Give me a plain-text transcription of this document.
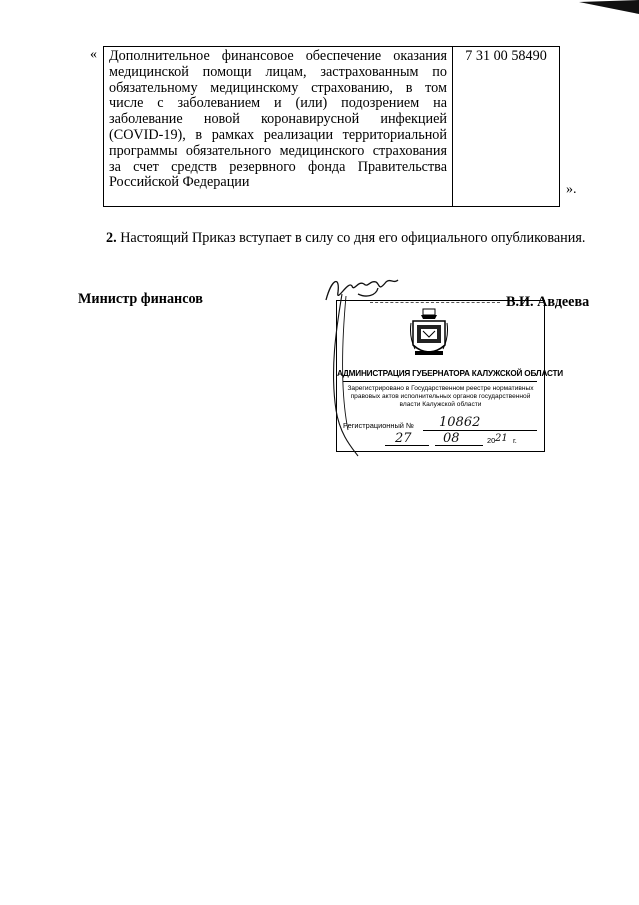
« Дополнительное финансовое обеспечение оказания медицинской помощи лицам, застрахованным по обязательному медицинскому страхованию, в том числе с заболеванием и (или) подозрением на заболевание новой коронавирусной инфекцией (COVID-19), в рамках реализации территориальной программы обязательного медицинского страхования за счет средств резервного фонда Правительства Российской Федерации	7 31 00 58490
».
2. Настоящий Приказ вступает в силу со дня его официального опубликования.
Министр финансов	В.И. Авдеева
АДМИНИСТРАЦИЯ ГУБЕРНАТОРА КАЛУЖСКОЙ ОБЛАСТИ
Зарегистрировано в Государственном реестре нормативных правовых актов исполнительных органов государственной власти Калужской области
Регистрационный № 10862
27 08	20 21 г.
